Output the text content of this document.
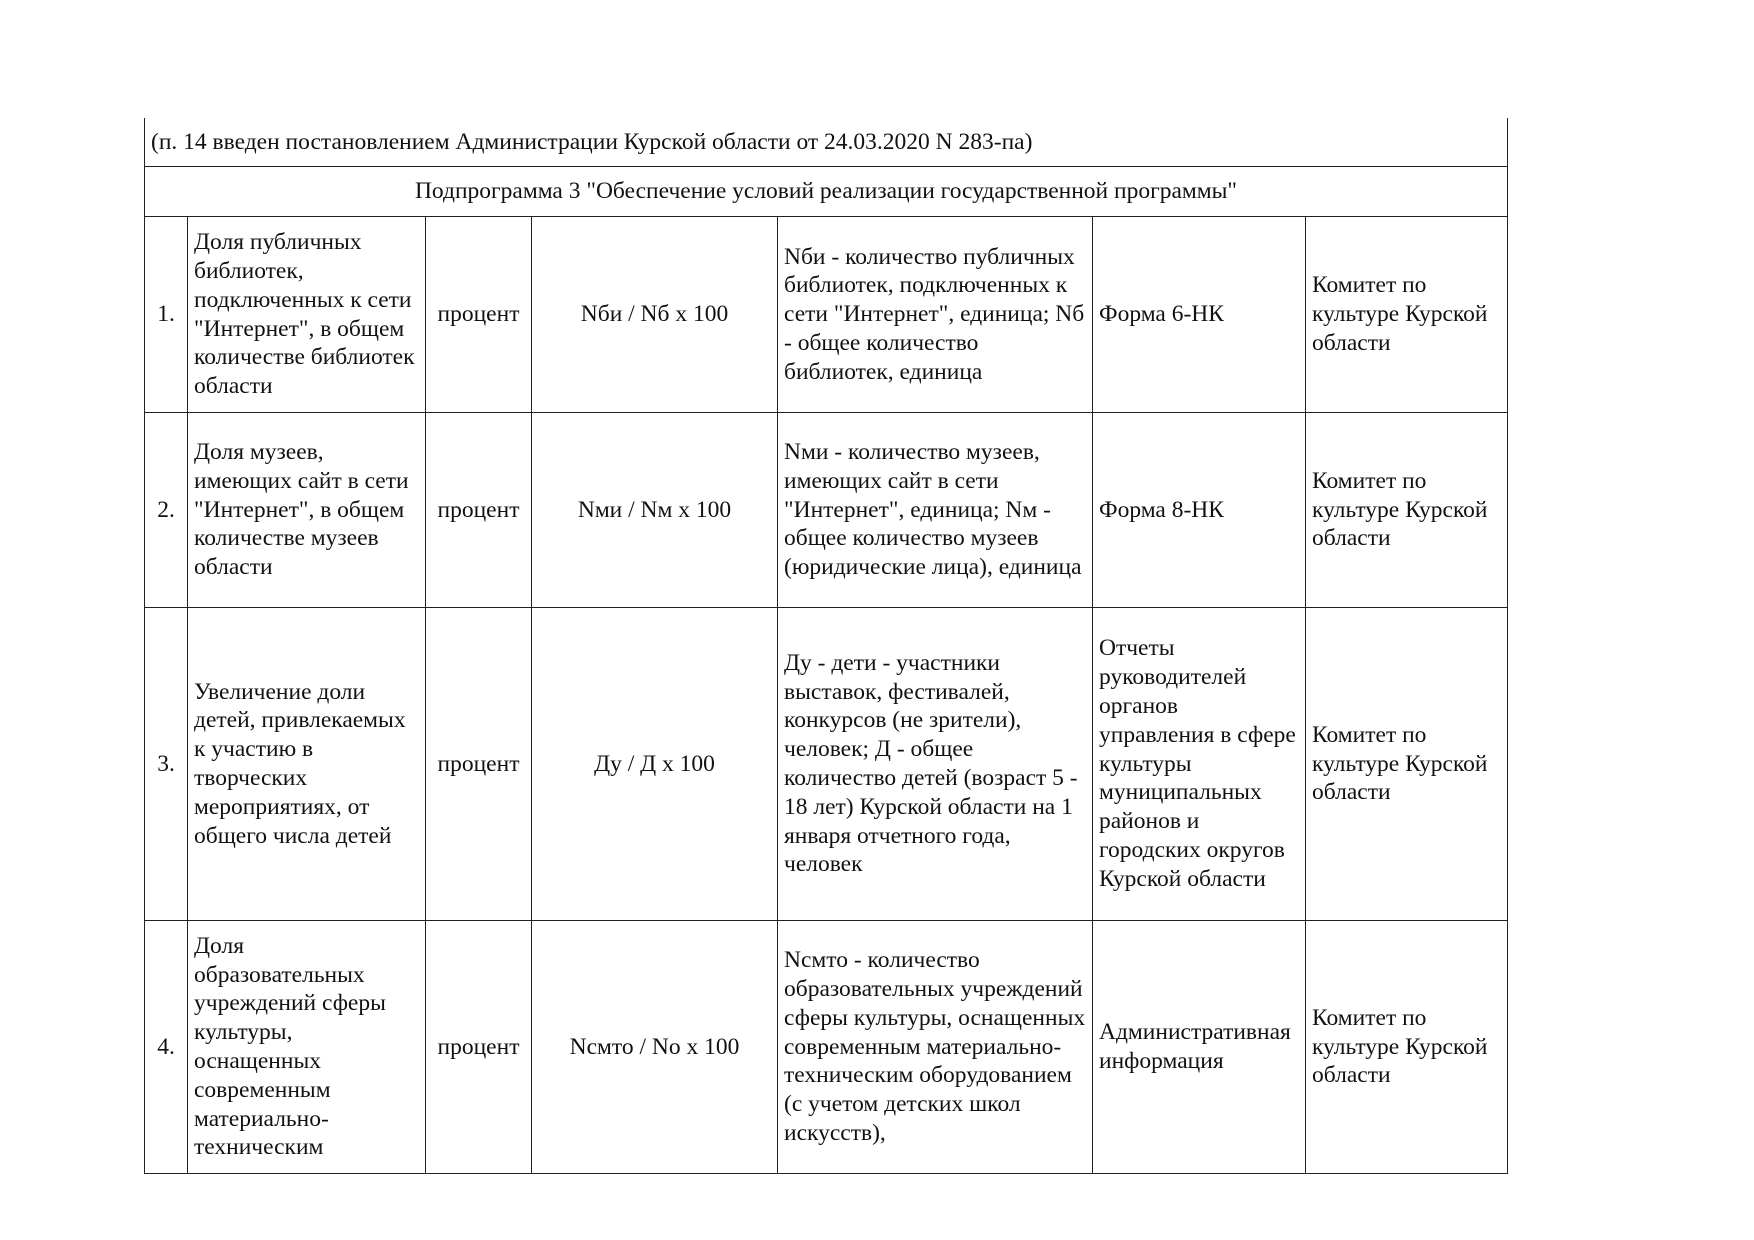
(п. 14 введен постановлением Администрации Курской области от 24.03.2020 N 283-па)						
Подпрограмма 3 "Обеспечение условий реализации государственной программы"						
1.	Доля публичных библиотек, подключенных к сети "Интернет", в общем количестве библиотек области	процент	Nби / Nб x 100	Nби - количество публичных библиотек, подключенных к сети "Интернет", единица; Nб - общее количество библиотек, единица	Форма 6-НК	Комитет по культуре Курской области
2.	Доля музеев, имеющих сайт в сети "Интернет", в общем количестве музеев области	процент	Nми / Nм x 100	Nми - количество музеев, имеющих сайт в сети "Интернет", единица; Nм - общее количество музеев (юридические лица), единица	Форма 8-НК	Комитет по культуре Курской области
3.	Увеличение доли детей, привлекаемых к участию в творческих мероприятиях, от общего числа детей	процент	Ду / Д x 100	Ду - дети - участники выставок, фестивалей, конкурсов (не зрители), человек; Д - общее количество детей (возраст 5 - 18 лет) Курской области на 1 января отчетного года, человек	Отчеты руководителей органов управления в сфере культуры муниципальных районов и городских округов Курской области	Комитет по культуре Курской области
4.	Доля образовательных учреждений сферы культуры, оснащенных современным материально-техническим	процент	Nсмто / No x 100	Nсмто - количество образовательных учреждений сферы культуры, оснащенных современным материально-техническим оборудованием (с учетом детских школ искусств),	Административная информация	Комитет по культуре Курской области
